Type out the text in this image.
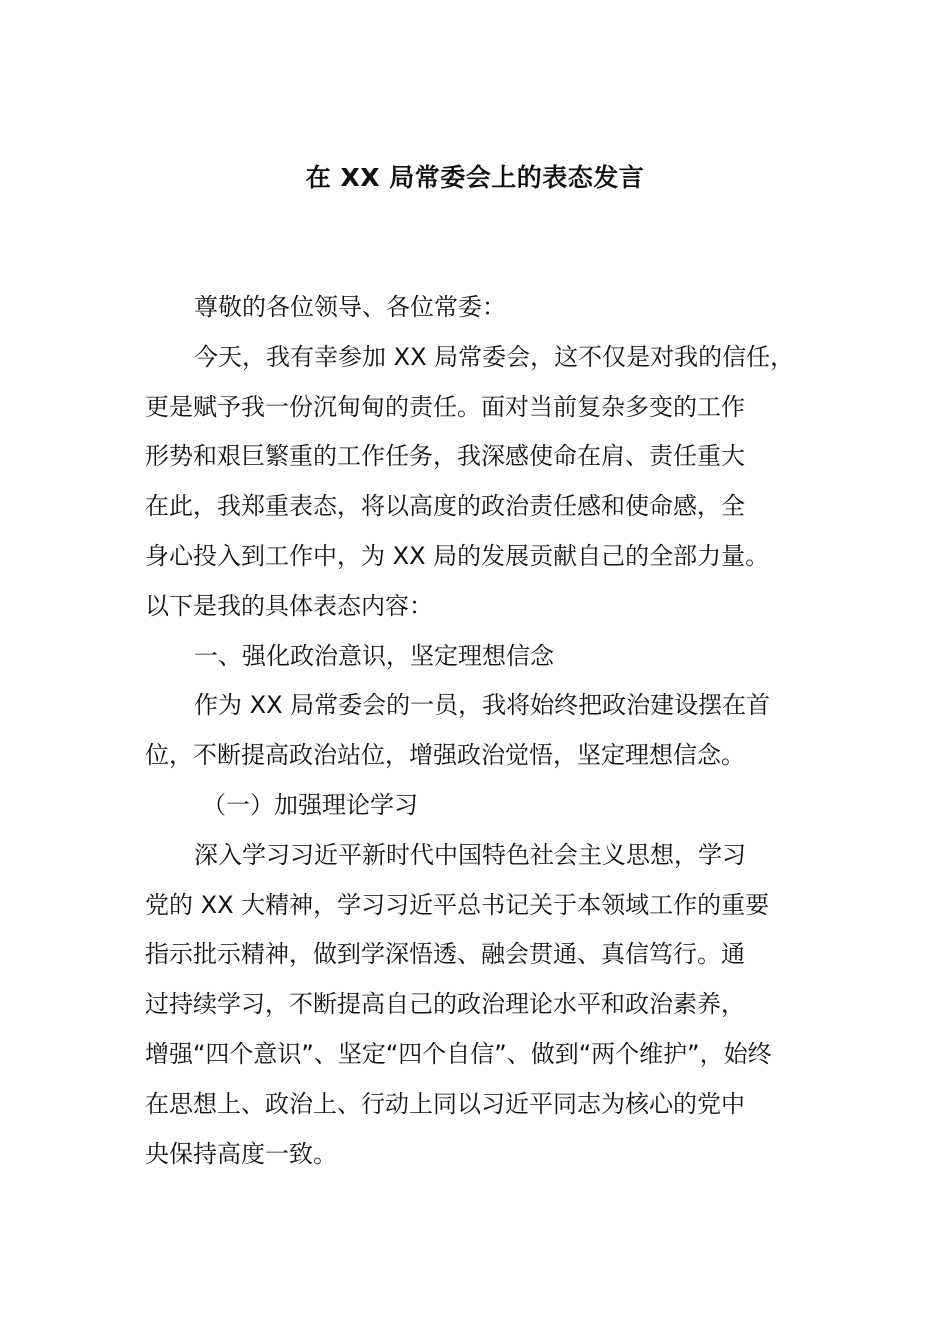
在 XX 局常委会上的表态发言
尊敬的各位领导、各位常委：
今天，我有幸参加 XX 局常委会，这不仅是对我的信任，
更是赋予我一份沉甸甸的责任。面对当前复杂多变的工作
形势和艰巨繁重的工作任务，我深感使命在肩、责任重大
在此，我郑重表态，将以高度的政治责任感和使命感，全
身心投入到工作中，为 XX 局的发展贡献自己的全部力量。
以下是我的具体表态内容：
一、强化政治意识，坚定理想信念
作为 XX 局常委会的一员，我将始终把政治建设摆在首
位，不断提高政治站位，增强政治觉悟，坚定理想信念。
（一）加强理论学习
深入学习习近平新时代中国特色社会主义思想，学习
党的 XX 大精神，学习习近平总书记关于本领域工作的重要
指示批示精神，做到学深悟透、融会贯通、真信笃行。通
过持续学习，不断提高自己的政治理论水平和政治素养，
增强“四个意识”、坚定“四个自信”、做到“两个维护”，始终
在思想上、政治上、行动上同以习近平同志为核心的党中
央保持高度一致。
